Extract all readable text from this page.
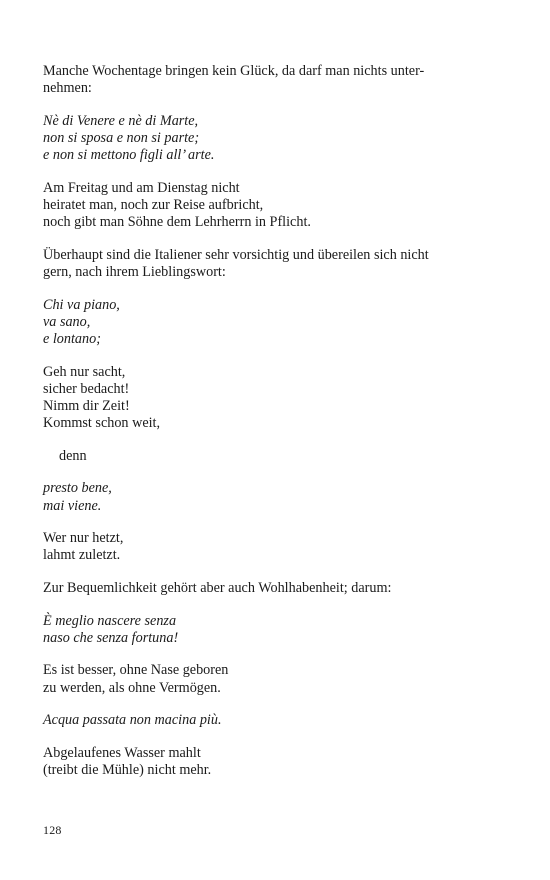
Manche Wochentage bringen kein Glück, da darf man nichts unter-
nehmen:
Nè di Venere e nè di Marte,
non si sposa e non si parte;
e non si mettono figli all’ arte.
Am Freitag und am Dienstag nicht
heiratet man, noch zur Reise aufbricht,
noch gibt man Söhne dem Lehrherrn in Pflicht.
Überhaupt sind die Italiener sehr vorsichtig und übereilen sich nicht
gern, nach ihrem Lieblingswort:
Chi va piano,
va sano,
e lontano;
Geh nur sacht,
sicher bedacht!
Nimm dir Zeit!
Kommst schon weit,
denn
presto bene,
mai viene.
Wer nur hetzt,
lahmt zuletzt.
Zur Bequemlichkeit gehört aber auch Wohlhabenheit; darum:
È meglio nascere senza
naso che senza fortuna!
Es ist besser, ohne Nase geboren
zu werden, als ohne Vermögen.
Acqua passata non macina più.
Abgelaufenes Wasser mahlt
(treibt die Mühle) nicht mehr.
128
